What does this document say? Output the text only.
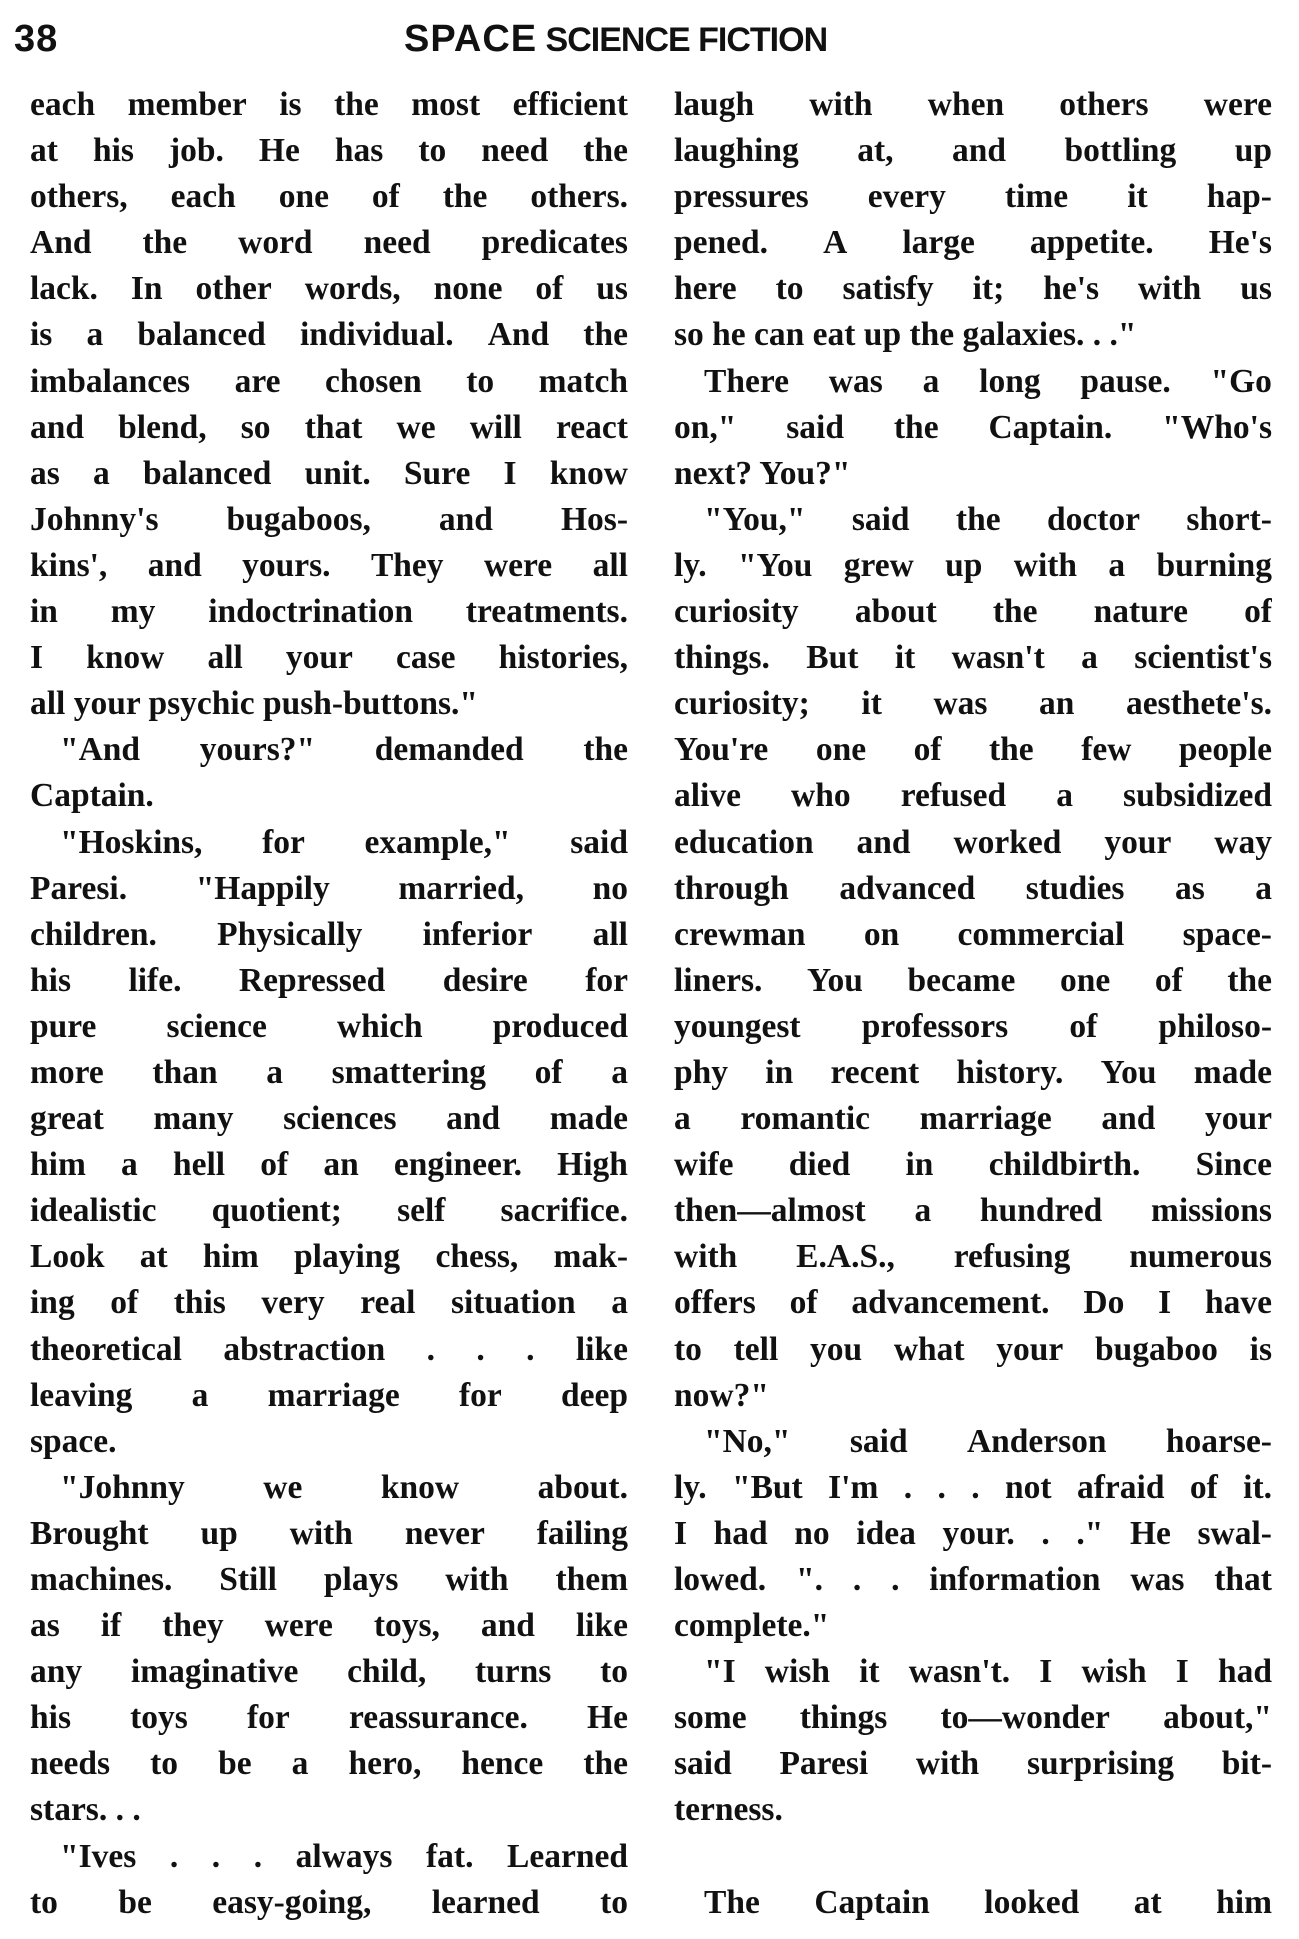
38	SPACE SCIENCE FICTION
each member is the most efficient
at his job. He has to need the
others, each one of the others.
And the word need predicates
lack. In other words, none of us
is a balanced individual. And the
imbalances are chosen to match
and blend, so that we will react
as a balanced unit. Sure I know
Johnny's bugaboos, and Hos-
kins', and yours. They were all
in my indoctrination treatments.
I know all your case histories,
all your psychic push-buttons."
"And yours?" demanded the
Captain.
"Hoskins, for example," said
Paresi. "Happily married, no
children. Physically inferior all
his life. Repressed desire for
pure science which produced
more than a smattering of a
great many sciences and made
him a hell of an engineer. High
idealistic quotient; self sacrifice.
Look at him playing chess, mak-
ing of this very real situation a
theoretical abstraction . . . like
leaving a marriage for deep
space.
"Johnny we know about.
Brought up with never failing
machines. Still plays with them
as if they were toys, and like
any imaginative child, turns to
his toys for reassurance. He
needs to be a hero, hence the
stars. . .
"Ives . . . always fat. Learned
to be easy-going, learned to
laugh with when others were
laughing at, and bottling up
pressures every time it hap-
pened. A large appetite. He's
here to satisfy it; he's with us
so he can eat up the galaxies. . ."
There was a long pause. "Go
on," said the Captain. "Who's
next? You?"
"You," said the doctor short-
ly. "You grew up with a burning
curiosity about the nature of
things. But it wasn't a scientist's
curiosity; it was an aesthete's.
You're one of the few people
alive who refused a subsidized
education and worked your way
through advanced studies as a
crewman on commercial space-
liners. You became one of the
youngest professors of philoso-
phy in recent history. You made
a romantic marriage and your
wife died in childbirth. Since
then—almost a hundred missions
with E.A.S., refusing numerous
offers of advancement. Do I have
to tell you what your bugaboo is
now?"
"No," said Anderson hoarse-
ly. "But I'm . . . not afraid of it.
I had no idea your. . ." He swal-
lowed. ". . . information was that
complete."
"I wish it wasn't. I wish I had
some things to—wonder about,"
said Paresi with surprising bit-
terness.
The Captain looked at him
